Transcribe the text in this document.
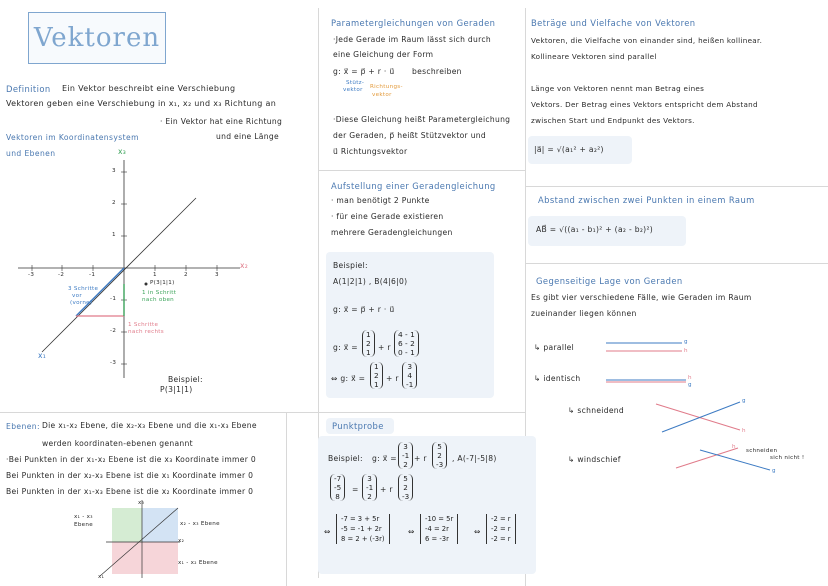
Vektoren
Definition Ein Vektor beschreibt eine Verschiebung
Vektoren geben eine Verschiebung in x₁, x₂ und x₃ Richtung an
· Ein Vektor hat eine Richtung
und eine Länge
Vektoren im Koordinatensystem
und Ebenen	x₃
x₂
x₁
3
2
1
-1
-2
-3
-3	-2	-1	1	2	3
P(3|1|1)
1 in Schritt
nach oben
3 Schritte
vor
(vorne)
1 Schritte
nach rechts
Beispiel:
P(3|1|1)
Ebenen: Die x₁-x₂ Ebene, die x₂-x₃ Ebene und die x₁-x₃ Ebene
werden koordinaten-ebenen genannt
·Bei Punkten in der x₁-x₂ Ebene ist die x₃ Koordinate immer 0
Bei Punkten in der x₂-x₃ Ebene ist die x₁ Koordinate immer 0
Bei Punkten in der x₁-x₃ Ebene ist die x₂ Koordinate immer 0
x₁ - x₃
Ebene	x₂ - x₃ Ebene
x₁ - x₂ Ebene
x₃
x₂
x₁
Parametergleichungen von Geraden
·Jede Gerade im Raum lässt sich durch
eine Gleichung der Form
g: x⃗ = p⃗ + r · u⃗ beschreiben
Stütz-
vektor Richtungs-
vektor
·Diese Gleichung heißt Parametergleichung
der Geraden, p⃗ heißt Stützvektor und
u⃗ Richtungsvektor
Aufstellung einer Geradengleichung
· man benötigt 2 Punkte
· für eine Gerade existieren
mehrere Geradengleichungen
Beispiel:
A(1|2|1) , B(4|6|0)
g: x⃗ = p⃗ + r · u⃗
g: x⃗ =
1
2
1
+ r
4 - 1
6 - 2
0 - 1
⇔ g: x⃗ =
1
2
1
+ r
3
4
-1
Punktprobe
Beispiel: g: x⃗ =
3
-1
2
+ r
5
2
-3
, A(-7|-5|8)
-7
-5
8
=
3
-1
2
+ r
5
2
-3
⇔
-7 = 3 + 5r
-5 = -1 + 2r
8 = 2 + (-3r)
⇔
-10 = 5r
-4 = 2r
6 = -3r
⇔
-2 = r
-2 = r
-2 = r
Beträge und Vielfache von Vektoren
Vektoren, die Vielfache von einander sind, heißen kollinear.
Kollineare Vektoren sind parallel
Länge von Vektoren nennt man Betrag eines
Vektors. Der Betrag eines Vektors entspricht dem Abstand
zwischen Start und Endpunkt des Vektors.
|a⃗| = √(a₁² + a₂²)
Abstand zwischen zwei Punkten in einem Raum
AB⃗ = √((a₁ - b₁)² + (a₂ - b₂)²)
Gegenseitige Lage von Geraden
Es gibt vier verschiedene Fälle, wie Geraden im Raum
zueinander liegen können
↳ parallel
↳ identisch
↳ schneidend
↳ windschief
g
h
h
g
g
h
h
g
schneiden
sich nicht !
